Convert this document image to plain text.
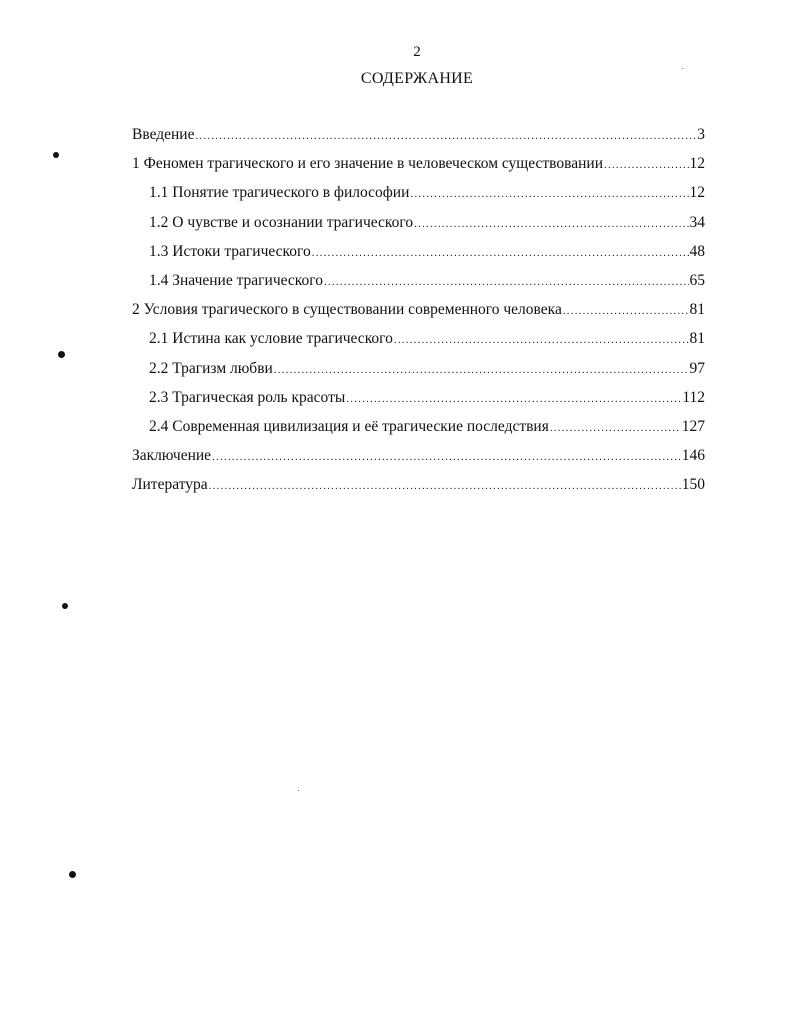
2
СОДЕРЖАНИЕ
Введение .....	3
1 Феномен трагического и его значение в человеческом существовании .....	12
1.1 Понятие трагического в философии .....	12
1.2 О чувстве и осознании трагического .....	34
1.3 Истоки трагического .....	48
1.4 Значение трагического .....	65
2 Условия трагического в существовании современного человека .....	81
2.1 Истина как условие трагического .....	81
2.2 Трагизм любви .....	97
2.3 Трагическая роль красоты .....	112
2.4 Современная цивилизация и её трагические последствия .....	127
Заключение .....	146
Литература .....	150
